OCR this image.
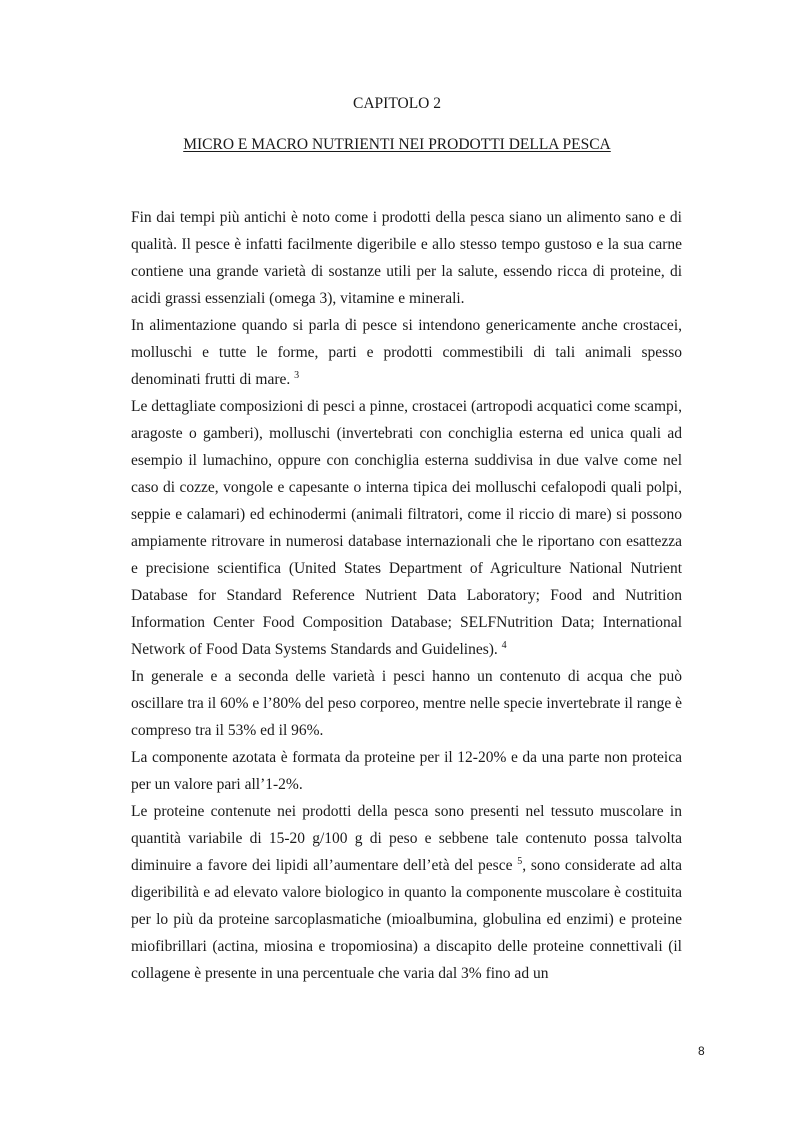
CAPITOLO 2
MICRO E MACRO NUTRIENTI NEI PRODOTTI DELLA PESCA

Fin dai tempi più antichi è noto come i prodotti della pesca siano un alimento sano e di qualità. Il pesce è infatti facilmente digeribile e allo stesso tempo gustoso e la sua carne contiene una grande varietà di sostanze utili per la salute, essendo ricca di proteine, di acidi grassi essenziali (omega 3), vitamine e minerali.

In alimentazione quando si parla di pesce si intendono genericamente anche crostacei, molluschi e tutte le forme, parti e prodotti commestibili di tali animali spesso denominati frutti di mare. $^3$

Le dettagliate composizioni di pesci a pinne, crostacei (artropodi acquatici come scampi, aragoste o gamberi), molluschi (invertebrati con conchiglia esterna ed unica quali ad esempio il lumachino, oppure con conchiglia esterna suddivisa in due valve come nel caso di cozze, vongole e capesante o interna tipica dei molluschi cefalopodi quali polpi, seppie e calamari) ed echinodermi (animali filtratori, come il riccio di mare) si possono ampiamente ritrovare in numerosi database internazionali che le riportano con esattezza e precisione scientifica (United States Department of Agriculture National Nutrient Database for Standard Reference Nutrient Data Laboratory; Food and Nutrition Information Center Food Composition Database; SELFNutrition Data; International Network of Food Data Systems Standards and Guidelines). $^4$

In generale e a seconda delle varietà i pesci hanno un contenuto di acqua che può oscillare tra il 60% e l’80% del peso corporeo, mentre nelle specie invertebrate il range è compreso tra il 53% ed il 96%.

La componente azotata è formata da proteine per il 12-20% e da una parte non proteica per un valore pari all’1-2%.

Le proteine contenute nei prodotti della pesca sono presenti nel tessuto muscolare in quantità variabile di 15-20 g/100 g di peso e sebbene tale contenuto possa talvolta diminuire a favore dei lipidi all’aumentare dell’età del pesce $^5$, sono considerate ad alta digeribilità e ad elevato valore biologico in quanto la componente muscolare è costituita per lo più da proteine sarcoplasmatiche (mioalbumina, globulina ed enzimi) e proteine miofibrillari (actina, miosina e tropomiosina) a discapito delle proteine connettivali (il collagene è presente in una percentuale che varia dal 3% fino ad un

8
